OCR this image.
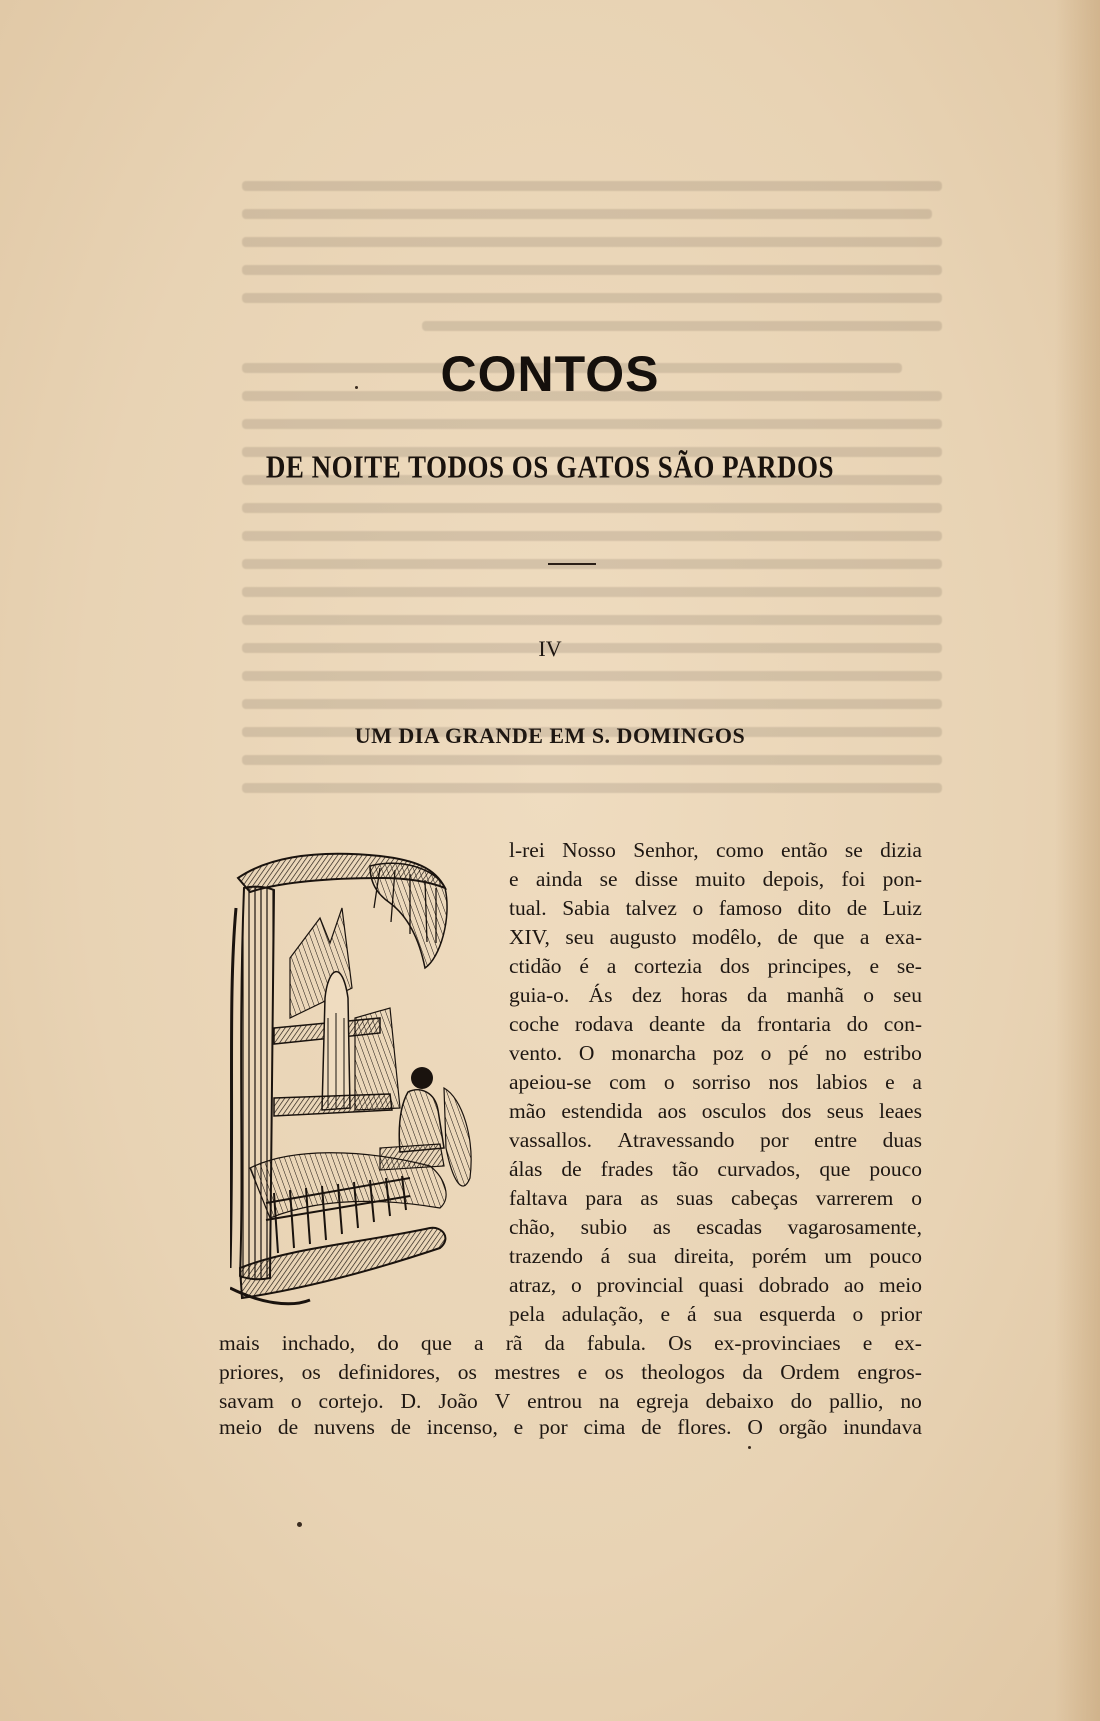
CONTOS
DE NOITE TODOS OS GATOS SÃO PARDOS
IV
UM DIA GRANDE EM S. DOMINGOS
l-rei Nosso Senhor, como então se dizia
e ainda se disse muito depois, foi pon-
tual. Sabia talvez o famoso dito de Luiz
XIV, seu augusto modêlo, de que a exa-
ctidão é a cortezia dos principes, e se-
guia-o. Ás dez horas da manhã o seu
coche rodava deante da frontaria do con-
vento. O monarcha poz o pé no estribo
apeiou-se com o sorriso nos labios e a
mão estendida aos osculos dos seus leaes
vassallos. Atravessando por entre duas
álas de frades tão curvados, que pouco
faltava para as suas cabeças varrerem o
chão, subio as escadas vagarosamente,
trazendo á sua direita, porém um pouco
atraz, o provincial quasi dobrado ao meio
pela adulação, e á sua esquerda o prior
mais inchado, do que a rã da fabula. Os ex-provinciaes e ex-
priores, os definidores, os mestres e os theologos da Ordem engros-
savam o cortejo. D. João V entrou na egreja debaixo do pallio, no
meio de nuvens de incenso, e por cima de flores. O orgão inundava
